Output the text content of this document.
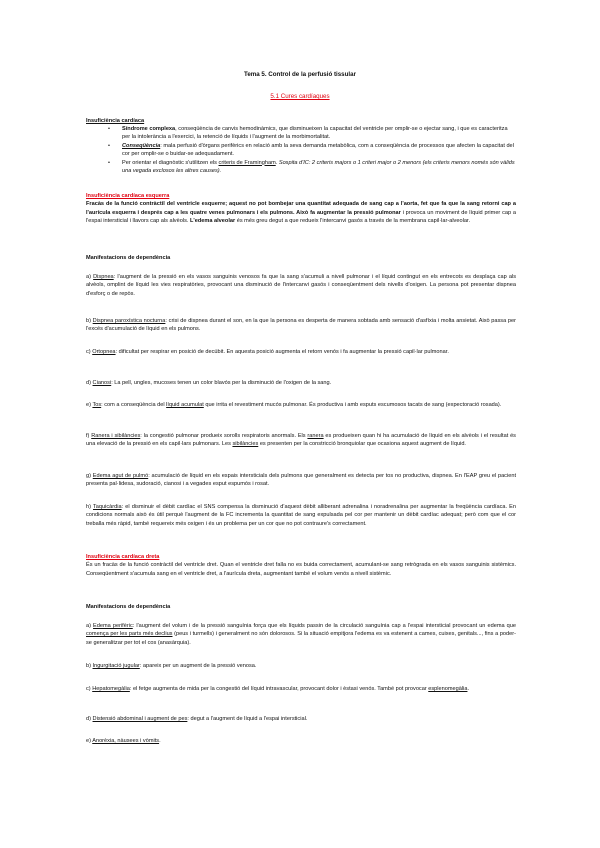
Tema 5. Control de la perfusió tissular
5.1 Cures cardíaques
Insuficiència cardíaca
• Síndrome complexa, conseqüència de canvis hemodinàmics, que disminueixen la capacitat del ventricle per omplir-se o ejectar sang, i que es caracteritza per la intolerància a l'exercici, la retenció de líquids i l'augment de la morbimortalitat.
• Conseqüència: mala perfusió d'òrgans perifèrics en relació amb la seva demanda metabòlica, com a conseqüència de processos que afecten la capacitat del cor per omplir-se o buidar-se adequadament.
• Per orientar el diagnòstic s'utilitzen els criteris de Framingham. Sospita d'IC: 2 criteris majors o 1 criteri major o 2 menors (els criteris menors només són vàlids una vegada exclosos les altres causes).
Insuficiència cardíaca esquerra
Fracàs de la funció contràctil del ventricle esquerre; aquest no pot bombejar una quantitat adequada de sang cap a l'aorta, fet que fa que la sang retorni cap a l'aurícula esquerra i després cap a les quatre venes pulmonars i els pulmons. Això fa augmentar la pressió pulmonar i provoca un moviment de líquid primer cap a l'espai intersticial i llavors cap als alvèols. L'edema alveolar és més greu degut a que redueix l'intercanvi gasós a través de la membrana capil·lar-alveolar.
Manifestacions de dependència
a) Dispnea: l'augment de la pressió en els vasos sanguinis venosos fa que la sang s'acumuli a nivell pulmonar i el líquid contingut en els entrecots es desplaça cap als alvèols, omplint de líquid les vies respiratòries, provocant una disminució de l'intercanvi gasós i conseqüentment dels nivells d'oxigen. La persona pot presentar dispnea d'esforç o de repòs.
b) Dispnea paroxística nocturna: crisi de dispnea durant el son, en la que la persona es desperta de manera sobtada amb sensació d'asfíxia i molta ansietat. Això passa per l'excés d'acumulació de líquid en els pulmons.
c) Ortopnea: dificultat per respirar en posició de decúbit. En aquesta posició augmenta el retorn venós i fa augmentar la pressió capil·lar pulmonar.
d) Cianosi: La pell, ungles, mucoses tenen un color blavós per la disminució de l'oxigen de la sang.
e) Tos: com a conseqüència del líquid acumulat que irrita el revestiment mucós pulmonar. És productiva i amb esputs escumosos tacats de sang (expectoració rosada).
f) Ranera i sibilàncies: la congestió pulmonar produeix sorolls respiratoris anormals. Els ranera es produeixen quan hi ha acumulació de líquid en els alvèols i el resultat és una elevació de la pressió en els capil·lars pulmonars. Les sibilàncies es presenten per la constricció bronquiolar que ocasiona aquest augment de líquid.
g) Edema agut de pulmó: acumulació de líquid en els espais intersticials dels pulmons que generalment es detecta per tos no productiva, dispnea. En l'EAP greu el pacient presenta pal·lidesa, sudoració, cianosi i a vegades esput espumós i rosat.
h) Taquicàrdia: el disminuir el dèbit cardíac el SNS compensa la disminució d'aquest dèbit alliberant adrenalina i noradrenalina per augmentar la freqüència cardíaca. En condicions normals això és útil perquè l'augment de la FC incrementa la quantitat de sang expulsada pel cor per mantenir un dèbit cardíac adequat; però com que el cor treballa més ràpid, també requereix més oxigen i és un problema per un cor que no pot contraure's correctament.
Insuficiència cardíaca dreta
És un fracàs de la funció contràctil del ventricle dret. Quan el ventricle dret falla no es buida correctament, acumulant-se sang retrògrada en els vasos sanguinis sistèmics. Conseqüentment s'acumula sang en el ventricle dret, a l'aurícula dreta, augmentant també el volum venós a nivell sistèmic.
Manifestacions de dependència
a) Edema perifèric: l'augment del volum i de la pressió sanguínia força que els líquids passin de la circulació sanguínia cap a l'espai intersticial provocant un edema que comença per les parts més declius (peus i turmells) i generalment no són dolorosos. Si la situació empitjora l'edema es va estenent a cames, cuixes, genitals..., fins a poder-se generalitzar per tot el cos (anasàrquia).
b) Ingurgitació jugular: apareix per un augment de la pressió venosa.
c) Hepatomegàlia: el fetge augmenta de mida per la congestió del líquid intravascular, provocant dolor i èstasi venós. També pot provocar esplenomegàlia.
d) Distensió abdominal i augment de pes: degut a l'augment de líquid a l'espai intersticial.
e) Anorèxia, nàusees i vòmits.
